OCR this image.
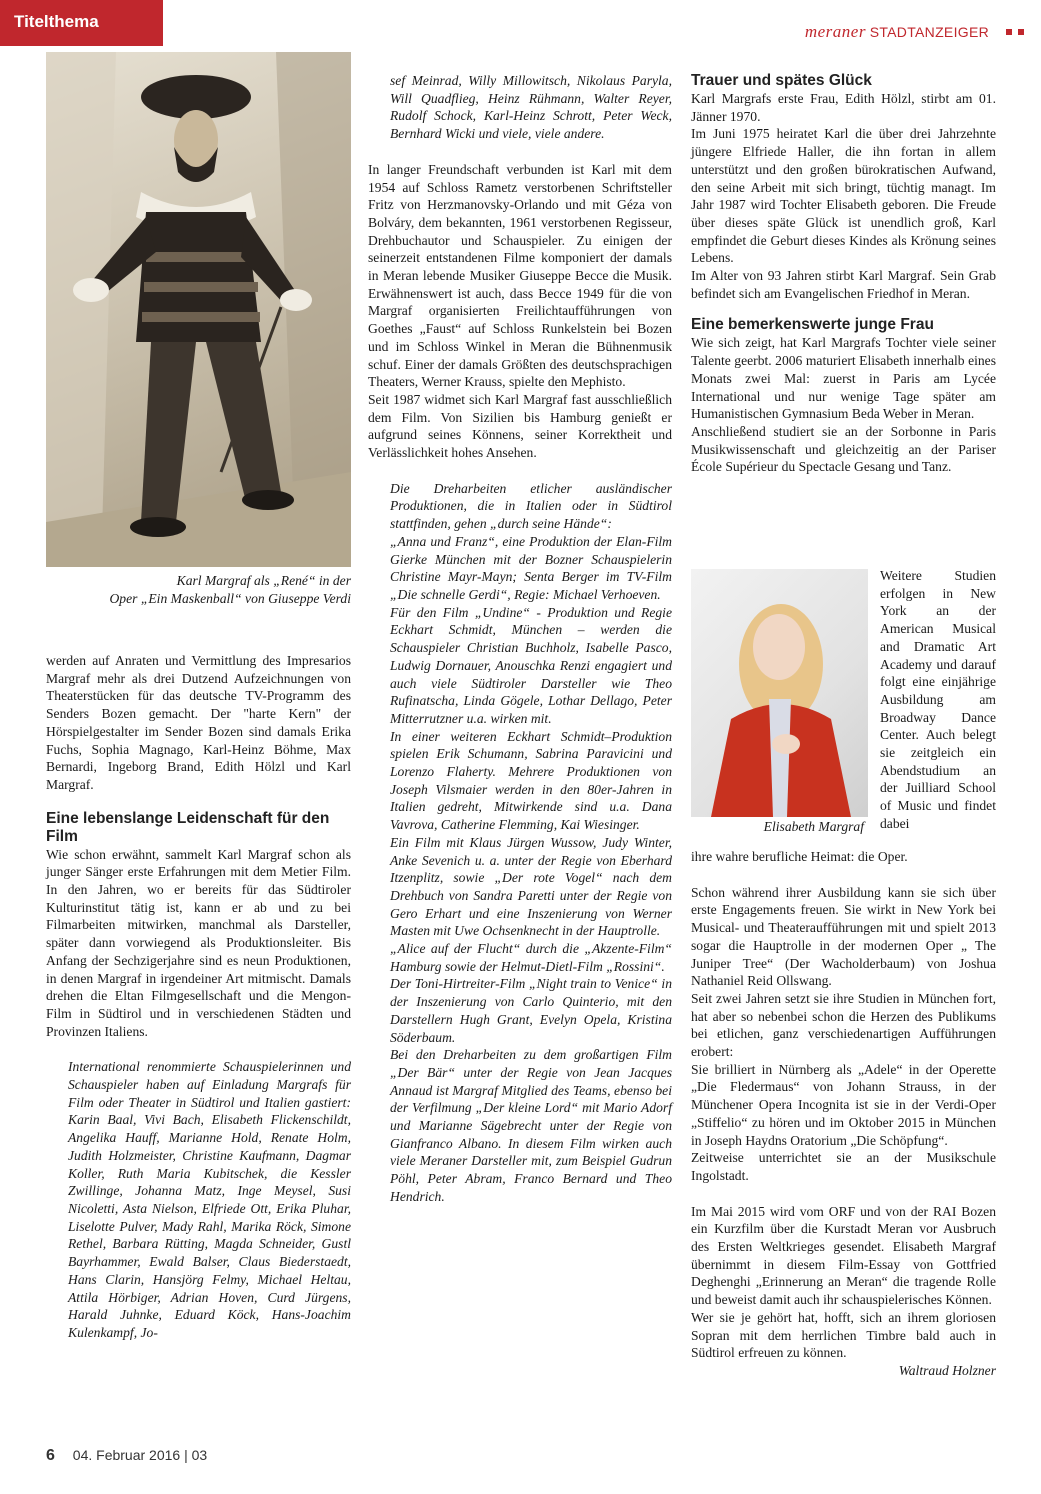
Titelthema
meraner STADTANZEIGER
Karl Margraf als „René“ in der
Oper „Ein Maskenball“ von Giuseppe Verdi

werden auf Anraten und Vermittlung des Impresarios Margraf mehr als drei Dutzend Aufzeichnungen von Theaterstücken für das deutsche TV-Programm des Senders Bozen gemacht. Der "harte Kern" der Hörspielgestalter im Sender Bozen sind damals Erika Fuchs, Sophia Magnago, Karl-Heinz Böhme, Max Bernardi, Ingeborg Brand, Edith Hölzl und Karl Margraf.

Eine lebenslange Leidenschaft für den Film

Wie schon erwähnt, sammelt Karl Margraf schon als junger Sänger erste Erfahrungen mit dem Metier Film. In den Jahren, wo er bereits für das Südtiroler Kulturinstitut tätig ist, kann er ab und zu bei Filmarbeiten mitwirken, manchmal als Darsteller, später dann vorwiegend als Produktionsleiter. Bis Anfang der Sechzigerjahre sind es neun Produktionen, in denen Margraf in irgendeiner Art mitmischt. Damals drehen die Eltan Filmgesellschaft und die Mengon-Film in Südtirol und in verschiedenen Städten und Provinzen Italiens.

International renommierte Schauspielerinnen und Schauspieler haben auf Einladung Margrafs für Film oder Theater in Südtirol und Italien gastiert: Karin Baal, Vivi Bach, Elisabeth Flickenschildt, Angelika Hauff, Marianne Hold, Renate Holm, Judith Holzmeister, Christine Kaufmann, Dagmar Koller, Ruth Maria Kubitschek, die Kessler Zwillinge, Johanna Matz, Inge Meysel, Susi Nicoletti, Asta Nielson, Elfriede Ott, Erika Pluhar, Liselotte Pulver, Mady Rahl, Marika Röck, Simone Rethel, Barbara Rütting, Magda Schneider, Gustl Bayrhammer, Ewald Balser, Claus Biederstaedt, Hans Clarin, Hansjörg Felmy, Michael Heltau, Attila Hörbiger, Adrian Hoven, Curd Jürgens, Harald Juhnke, Eduard Köck, Hans-Joachim Kulenkampf, Jo-

sef Meinrad, Willy Millowitsch, Nikolaus Paryla, Will Quadflieg, Heinz Rühmann, Walter Reyer, Rudolf Schock, Karl-Heinz Schrott, Peter Weck, Bernhard Wicki und viele, viele andere.

In langer Freundschaft verbunden ist Karl mit dem 1954 auf Schloss Rametz verstorbenen Schriftsteller Fritz von Herzmanovsky-Orlando und mit Géza von Bolváry, dem bekannten, 1961 verstorbenen Regisseur, Drehbuchautor und Schauspieler. Zu einigen der seinerzeit entstandenen Filme komponiert der damals in Meran lebende Musiker Giuseppe Becce die Musik. Erwähnenswert ist auch, dass Becce 1949 für die von Margraf organisierten Freilichtaufführungen von Goethes „Faust“ auf Schloss Runkelstein bei Bozen und im Schloss Winkel in Meran die Bühnenmusik schuf. Einer der damals Größten des deutschsprachigen Theaters, Werner Krauss, spielte den Mephisto.

Seit 1987 widmet sich Karl Margraf fast ausschließlich dem Film. Von Sizilien bis Hamburg genießt er aufgrund seines Könnens, seiner Korrektheit und Verlässlichkeit hohes Ansehen.

Die Dreharbeiten etlicher ausländischer Produktionen, die in Italien oder in Südtirol stattfinden, gehen „durch seine Hände“:

„Anna und Franz“, eine Produktion der Elan-Film Gierke München mit der Bozner Schauspielerin Christine Mayr-Mayn; Senta Berger im TV-Film „Die schnelle Gerdi“, Regie: Michael Verhoeven.

Für den Film „Undine“ - Produktion und Regie Eckhart Schmidt, München – werden die Schauspieler Christian Buchholz, Isabelle Pasco, Ludwig Dornauer, Anouschka Renzi engagiert und auch viele Südtiroler Darsteller wie Theo Rufinatscha, Linda Gögele, Lothar Dellago, Peter Mitterrutzner u.a. wirken mit.

In einer weiteren Eckhart Schmidt–Produktion spielen Erik Schumann, Sabrina Paravicini und Lorenzo Flaherty. Mehrere Produktionen von Joseph Vilsmaier werden in den 80er-Jahren in Italien gedreht, Mitwirkende sind u.a. Dana Vavrova, Catherine Flemming, Kai Wiesinger.

Ein Film mit Klaus Jürgen Wussow, Judy Winter, Anke Sevenich u. a. unter der Regie von Eberhard Itzenplitz, sowie „Der rote Vogel“ nach dem Drehbuch von Sandra Paretti unter der Regie von Gero Erhart und eine Inszenierung von Werner Masten mit Uwe Ochsenknecht in der Hauptrolle.

„Alice auf der Flucht“ durch die „Akzente-Film“ Hamburg sowie der Helmut-Dietl-Film „Rossini“.

Der Toni-Hirtreiter-Film „Night train to Venice“ in der Inszenierung von Carlo Quinterio, mit den Darstellern Hugh Grant, Evelyn Opela, Kristina Söderbaum.

Bei den Dreharbeiten zu dem großartigen Film „Der Bär“ unter der Regie von Jean Jacques Annaud ist Margraf Mitglied des Teams, ebenso bei der Verfilmung „Der kleine Lord“ mit Mario Adorf und Marianne Sägebrecht unter der Regie von Gianfranco Albano. In diesem Film wirken auch viele Meraner Darsteller mit, zum Beispiel Gudrun Pöhl, Peter Abram, Franco Bernard und Theo Hendrich.

Trauer und spätes Glück

Karl Margrafs erste Frau, Edith Hölzl, stirbt am 01. Jänner 1970.

Im Juni 1975 heiratet Karl die über drei Jahrzehnte jüngere Elfriede Haller, die ihn fortan in allem unterstützt und den großen bürokratischen Aufwand, den seine Arbeit mit sich bringt, tüchtig managt. Im Jahr 1987 wird Tochter Elisabeth geboren. Die Freude über dieses späte Glück ist unendlich groß, Karl empfindet die Geburt dieses Kindes als Krönung seines Lebens.

Im Alter von 93 Jahren stirbt Karl Margraf. Sein Grab befindet sich am Evangelischen Friedhof in Meran.

Eine bemerkenswerte junge Frau

Wie sich zeigt, hat Karl Margrafs Tochter viele seiner Talente geerbt. 2006 maturiert Elisabeth innerhalb eines Monats zwei Mal: zuerst in Paris am Lycée International und nur wenige Tage später am Humanistischen Gymnasium Beda Weber in Meran.

Anschließend studiert sie an der Sorbonne in Paris Musikwissenschaft und gleichzeitig an der Pariser École Supérieur du Spectacle Gesang und Tanz.

Elisabeth Margraf

Weitere Studien erfolgen in New York an der American Musical and Dramatic Art Academy und darauf folgt eine einjährige Ausbildung am Broadway Dance Center. Auch belegt sie zeitgleich ein Abendstudium an der Juilliard School of Music und findet dabei

ihre wahre berufliche Heimat: die Oper.

Schon während ihrer Ausbildung kann sie sich über erste Engagements freuen. Sie wirkt in New York bei Musical- und Theateraufführungen mit und spielt 2013 sogar die Hauptrolle in der modernen Oper „ The Juniper Tree“ (Der Wacholderbaum) von Joshua Nathaniel Reid Ollswang.

Seit zwei Jahren setzt sie ihre Studien in München fort, hat aber so nebenbei schon die Herzen des Publikums bei etlichen, ganz verschiedenartigen Aufführungen erobert:

Sie brilliert in Nürnberg als „Adele“ in der Operette „Die Fledermaus“ von Johann Strauss, in der Münchener Opera Incognita ist sie in der Verdi-Oper „Stiffelio“ zu hören und im Oktober 2015 in München in Joseph Haydns Oratorium „Die Schöpfung“.

Zeitweise unterrichtet sie an der Musikschule Ingolstadt.

Im Mai 2015 wird vom ORF und von der RAI Bozen ein Kurzfilm über die Kurstadt Meran vor Ausbruch des Ersten Weltkrieges gesendet. Elisabeth Margraf übernimmt in diesem Film-Essay von Gottfried Deghenghi „Erinnerung an Meran“ die tragende Rolle und beweist damit auch ihr schauspielerisches Können.

Wer sie je gehört hat, hofft, sich an ihrem gloriosen Sopran mit dem herrlichen Timbre bald auch in Südtirol erfreuen zu können.

Waltraud Holzner

6 04. Februar 2016 | 03
